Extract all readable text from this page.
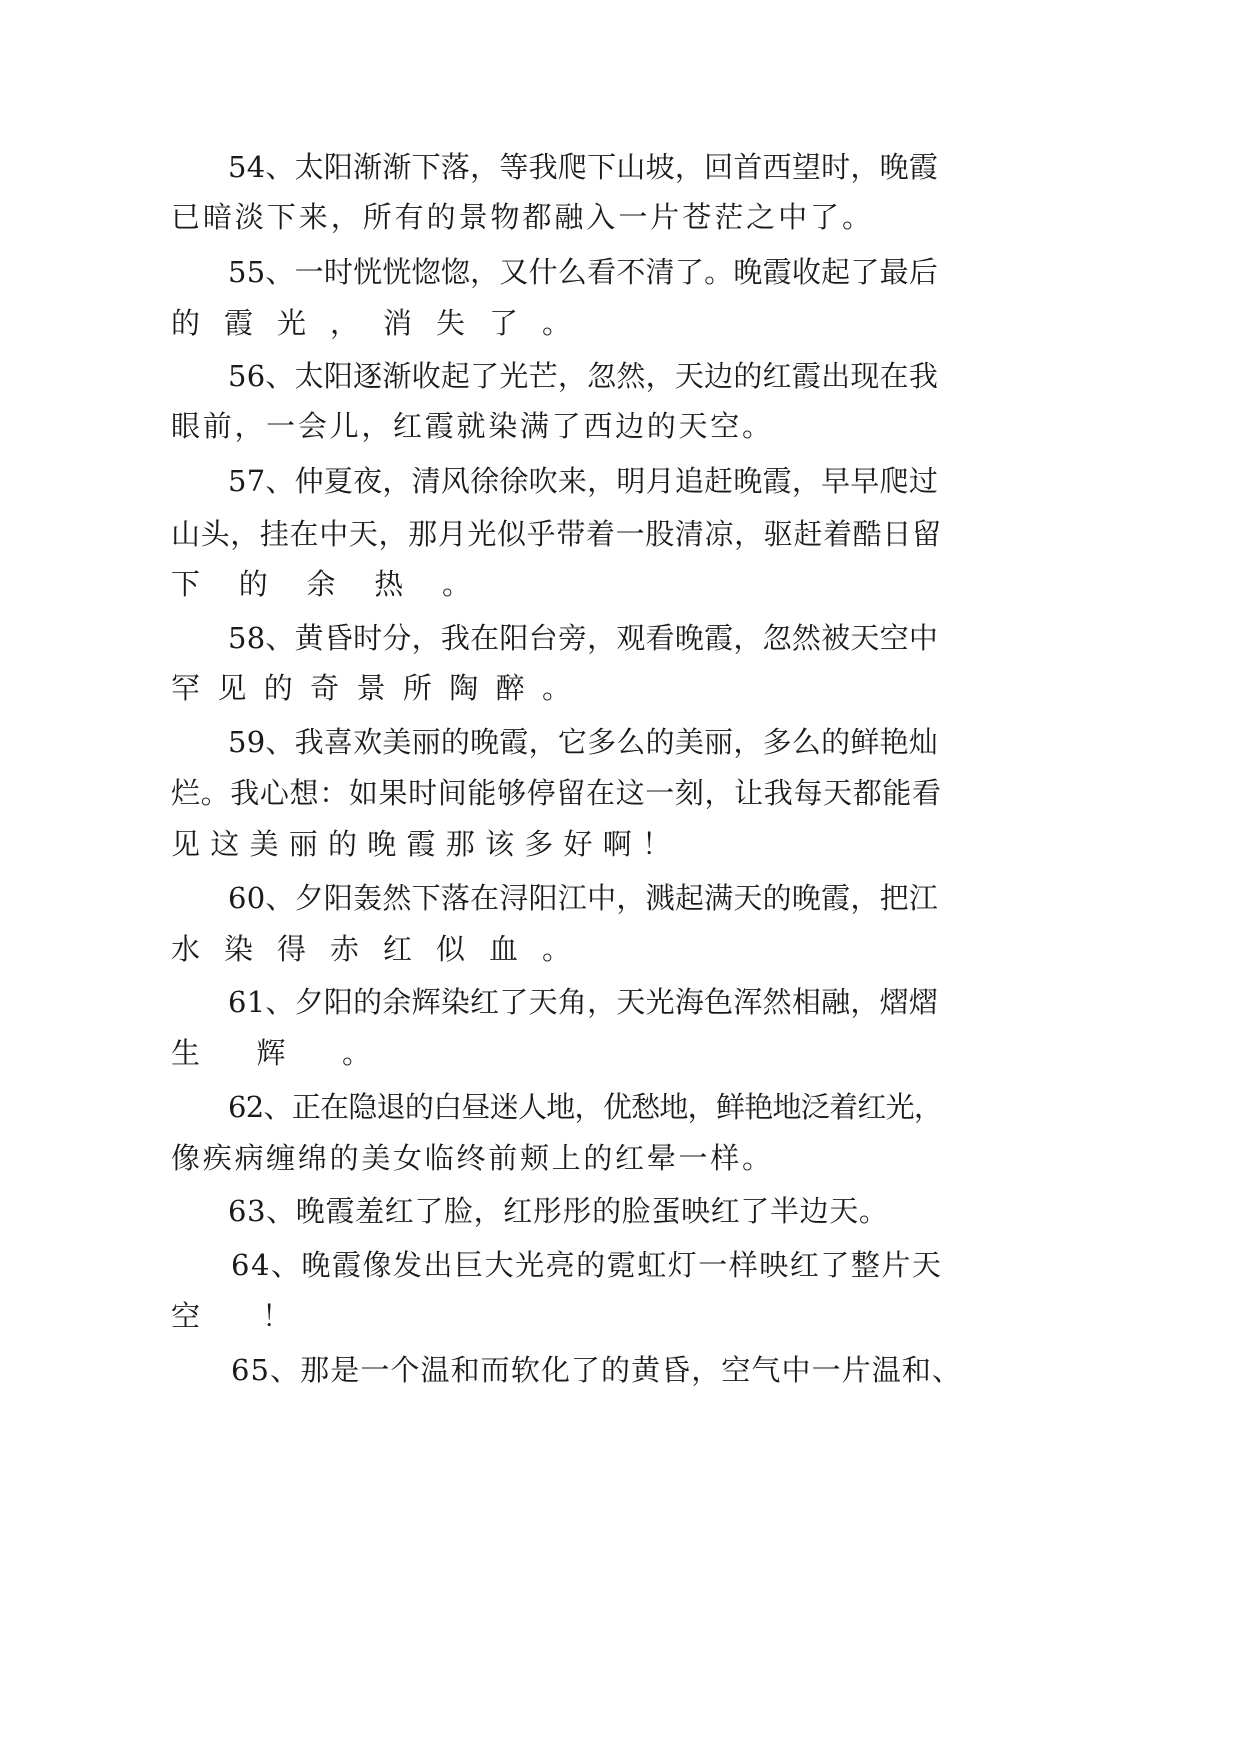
54、太阳渐渐下落，等我爬下山坡，回首西望时，晚霞
已暗淡下来，所有的景物都融入一片苍茫之中了。
55、一时恍恍惚惚，又什么看不清了。晚霞收起了最后
的霞光，消失了。
56、太阳逐渐收起了光芒，忽然，天边的红霞出现在我
眼前，一会儿，红霞就染满了西边的天空。
57、仲夏夜，清风徐徐吹来，明月追赶晚霞，早早爬过
山头，挂在中天，那月光似乎带着一股清凉，驱赶着酷日留
下的余热。
58、黄昏时分，我在阳台旁，观看晚霞，忽然被天空中
罕见的奇景所陶醉。
59、我喜欢美丽的晚霞，它多么的美丽，多么的鲜艳灿
烂。我心想：如果时间能够停留在这一刻，让我每天都能看
见这美丽的晚霞那该多好啊！
60、夕阳轰然下落在浔阳江中，溅起满天的晚霞，把江
水染得赤红似血。
61、夕阳的余辉染红了天角，天光海色浑然相融，熠熠
生辉。
62、正在隐退的白昼迷人地，优愁地，鲜艳地泛着红光，
像疾病缠绵的美女临终前颊上的红晕一样。
63、晚霞羞红了脸，红彤彤的脸蛋映红了半边天。
64、晚霞像发出巨大光亮的霓虹灯一样映红了整片天
空！
65、那是一个温和而软化了的黄昏，空气中一片温和、
